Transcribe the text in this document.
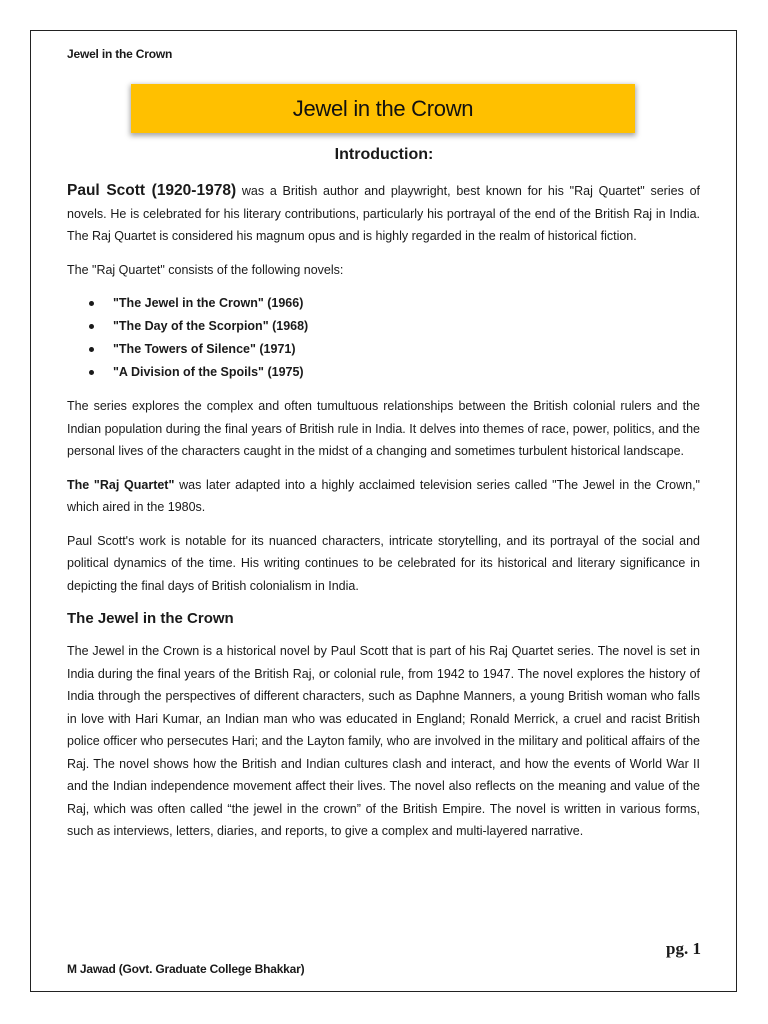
Jewel in the Crown
Jewel in the Crown
Introduction:

Paul Scott (1920-1978) was a British author and playwright, best known for his "Raj Quartet" series of novels. He is celebrated for his literary contributions, particularly his portrayal of the end of the British Raj in India. The Raj Quartet is considered his magnum opus and is highly regarded in the realm of historical fiction.

The "Raj Quartet" consists of the following novels:

"The Jewel in the Crown" (1966)
"The Day of the Scorpion" (1968)
"The Towers of Silence" (1971)
"A Division of the Spoils" (1975)

The series explores the complex and often tumultuous relationships between the British colonial rulers and the Indian population during the final years of British rule in India. It delves into themes of race, power, politics, and the personal lives of the characters caught in the midst of a changing and sometimes turbulent historical landscape.

The "Raj Quartet" was later adapted into a highly acclaimed television series called "The Jewel in the Crown," which aired in the 1980s.

Paul Scott's work is notable for its nuanced characters, intricate storytelling, and its portrayal of the social and political dynamics of the time. His writing continues to be celebrated for its historical and literary significance in depicting the final days of British colonialism in India.

The Jewel in the Crown

The Jewel in the Crown is a historical novel by Paul Scott that is part of his Raj Quartet series. The novel is set in India during the final years of the British Raj, or colonial rule, from 1942 to 1947. The novel explores the history of India through the perspectives of different characters, such as Daphne Manners, a young British woman who falls in love with Hari Kumar, an Indian man who was educated in England; Ronald Merrick, a cruel and racist British police officer who persecutes Hari; and the Layton family, who are involved in the military and political affairs of the Raj. The novel shows how the British and Indian cultures clash and interact, and how the events of World War II and the Indian independence movement affect their lives. The novel also reflects on the meaning and value of the Raj, which was often called “the jewel in the crown” of the British Empire. The novel is written in various forms, such as interviews, letters, diaries, and reports, to give a complex and multi-layered narrative.

pg. 1
M Jawad (Govt. Graduate College Bhakkar)
